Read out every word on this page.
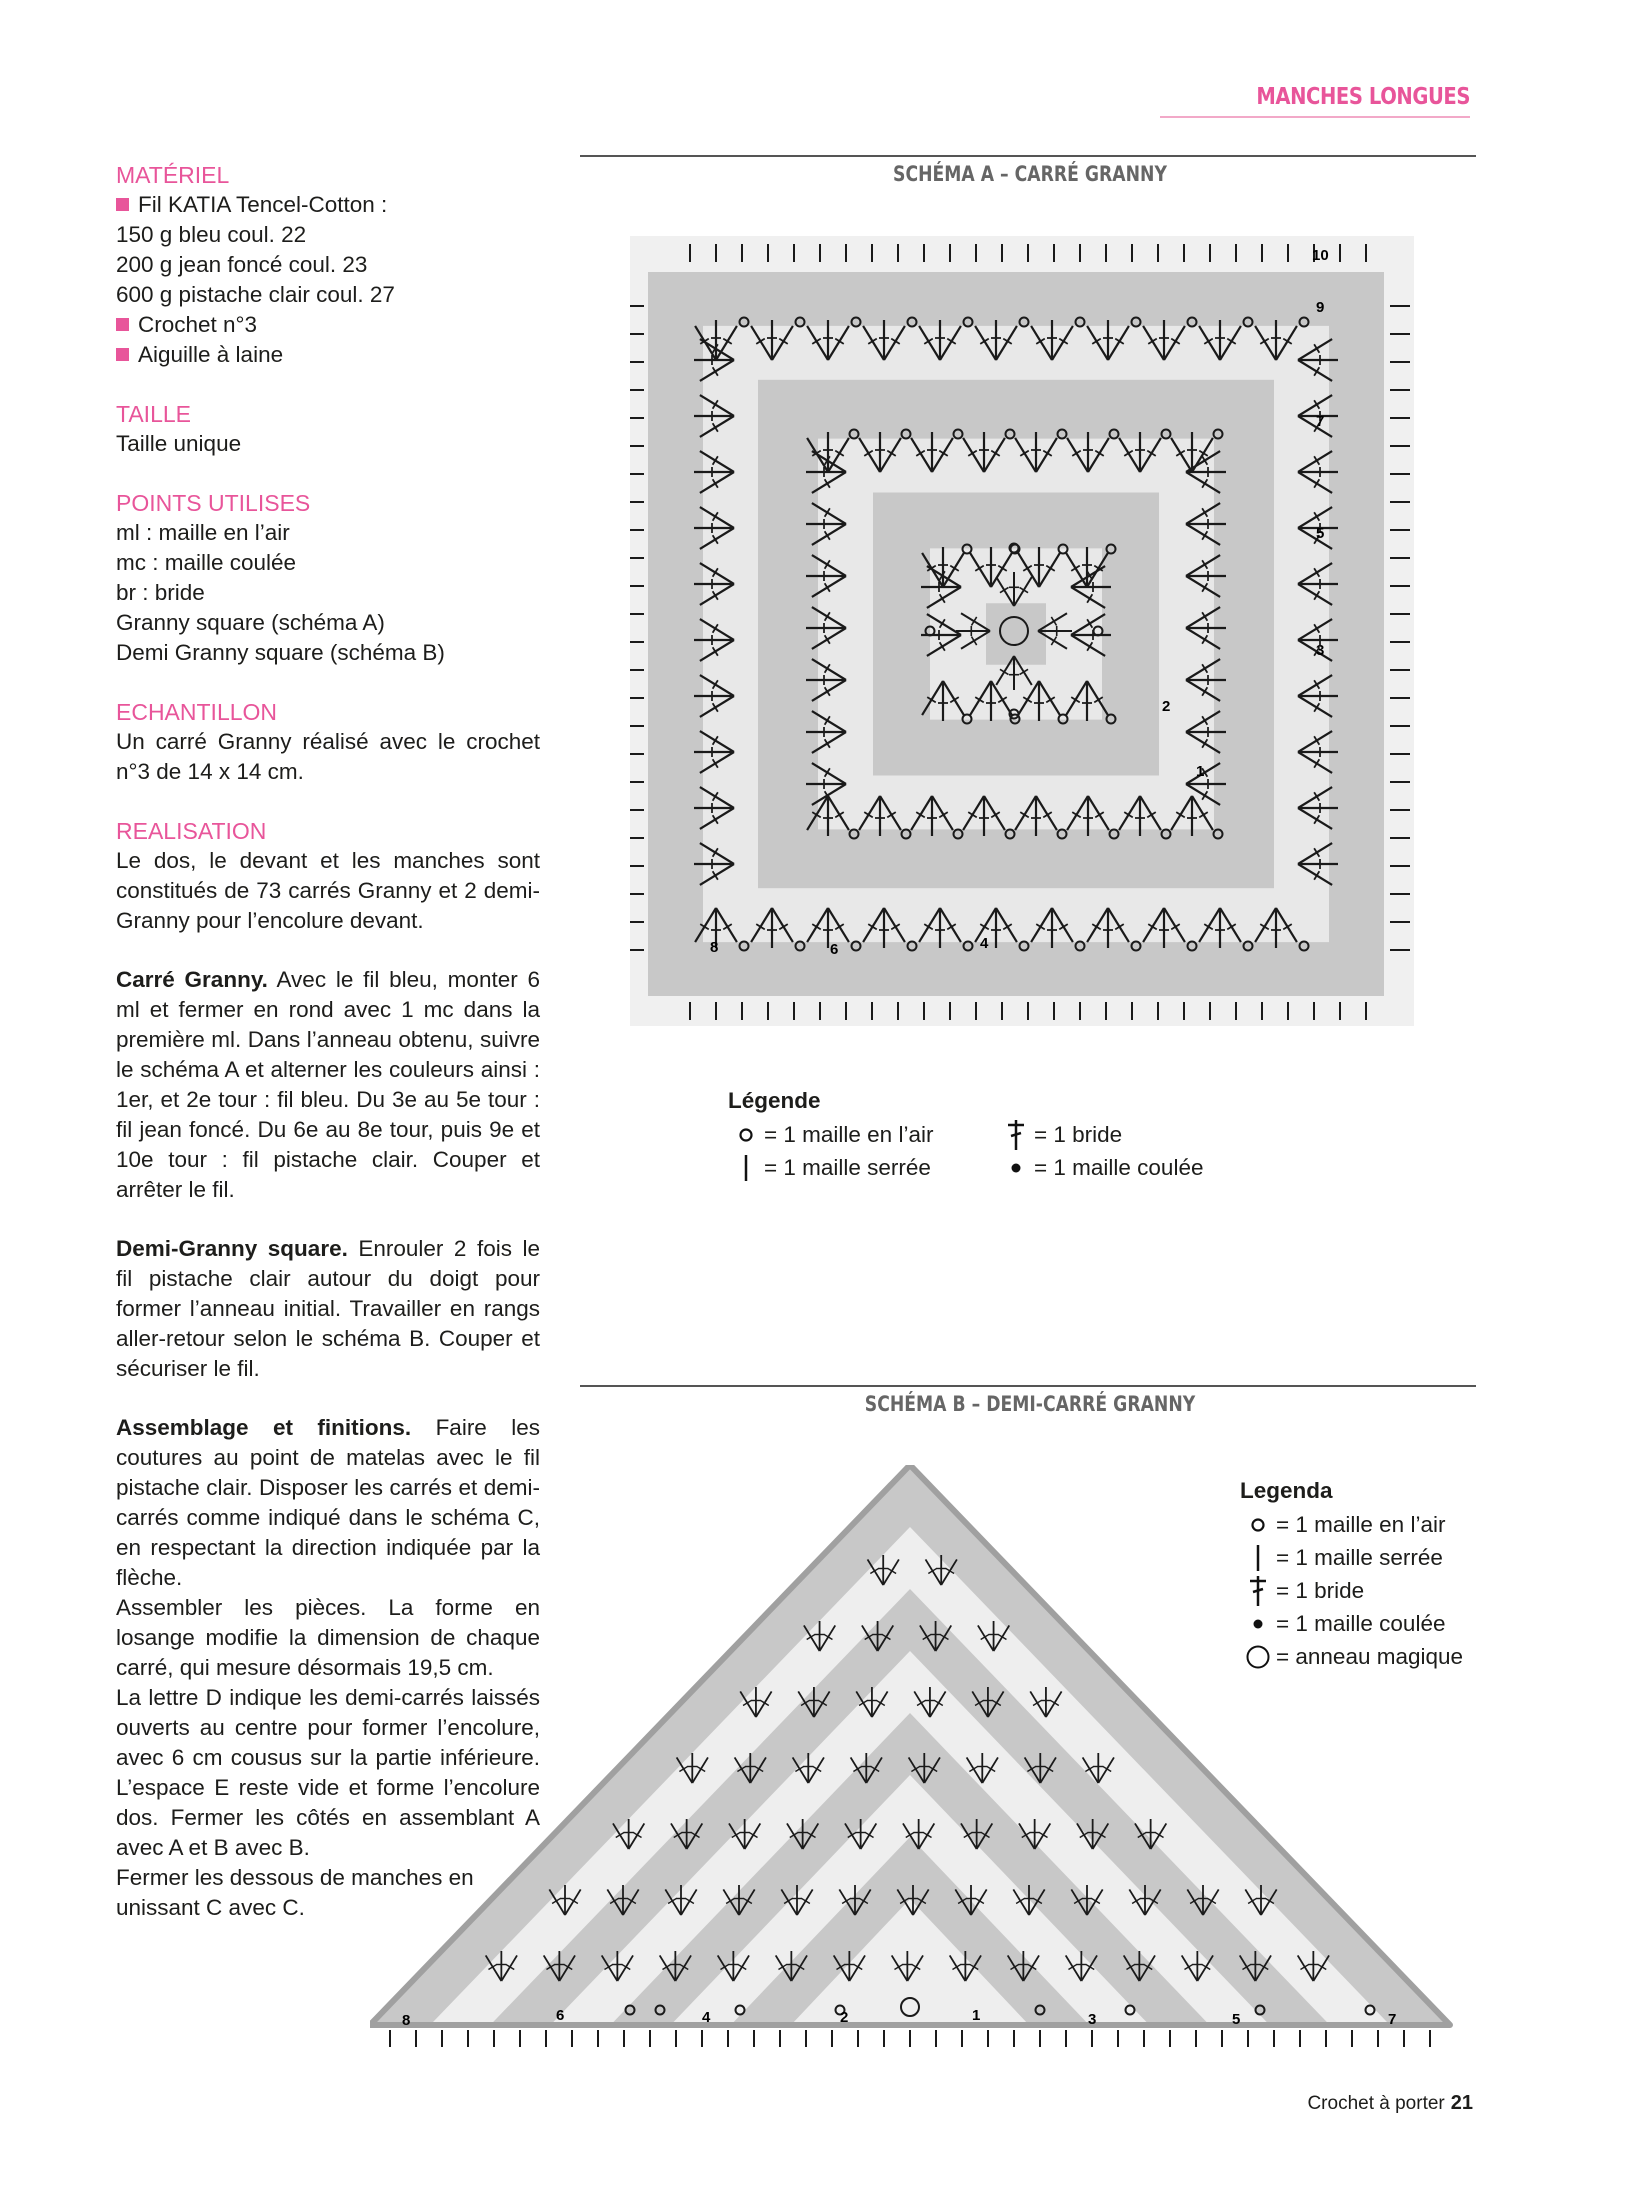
MANCHES LONGUES

MATÉRIEL

Fil KATIA Tencel-Cotton :

150 g bleu coul. 22

200 g jean foncé coul. 23

600 g pistache clair coul. 27

Crochet n°3

Aiguille à laine

TAILLE

Taille unique

POINTS UTILISES

ml : maille en l’air

mc : maille coulée

br : bride

Granny square (schéma A)

Demi Granny square (schéma B)

ECHANTILLON

Un carré Granny réalisé avec le crochet n°3 de 14 x 14 cm.

REALISATION

Le dos, le devant et les manches sont constitués de 73 carrés Granny et 2 demi-Granny pour l’encolure devant.

Carré Granny. Avec le fil bleu, monter 6 ml et fermer en rond avec 1 mc dans la première ml. Dans l’anneau obtenu, suivre le schéma A et alterner les couleurs ainsi : 1er, et 2e tour : fil bleu. Du 3e au 5e tour : fil jean foncé. Du 6e au 8e tour, puis 9e et 10e tour : fil pistache clair. Couper et arrêter le fil.

Demi-Granny square. Enrouler 2 fois le fil pistache clair autour du doigt pour former l’anneau initial. Travailler en rangs aller-retour selon le schéma B. Couper et sécuriser le fil.

Assemblage et finitions. Faire les coutures au point de matelas avec le fil pistache clair. Disposer les carrés et demi-carrés comme indiqué dans le schéma C, en respectant la direction indiquée par la flèche.

Assembler les pièces. La forme en losange modifie la dimension de chaque carré, qui mesure désormais 19,5 cm.

La lettre D indique les demi-carrés laissés ouverts au centre pour former l’encolure, avec 6 cm cousus sur la partie inférieure. L’espace E reste vide et forme l’encolure dos. Fermer les côtés en assemblant A avec A et B avec B.

Fermer les dessous de manches en unissant C avec C.

SCHÉMA A – CARRÉ GRANNY
10
9
7
5
3
2
1
4
6
8
Légende
= 1 maille en l’air
= 1 maille serrée
= 1 bride
= 1 maille coulée
SCHÉMA B – DEMI-CARRÉ GRANNY
8	6	4	2	1	3	5	7
Legenda
= 1 maille en l’air
= 1 maille serrée
= 1 bride
= 1 maille coulée
= anneau magique
Crochet à porter 21
